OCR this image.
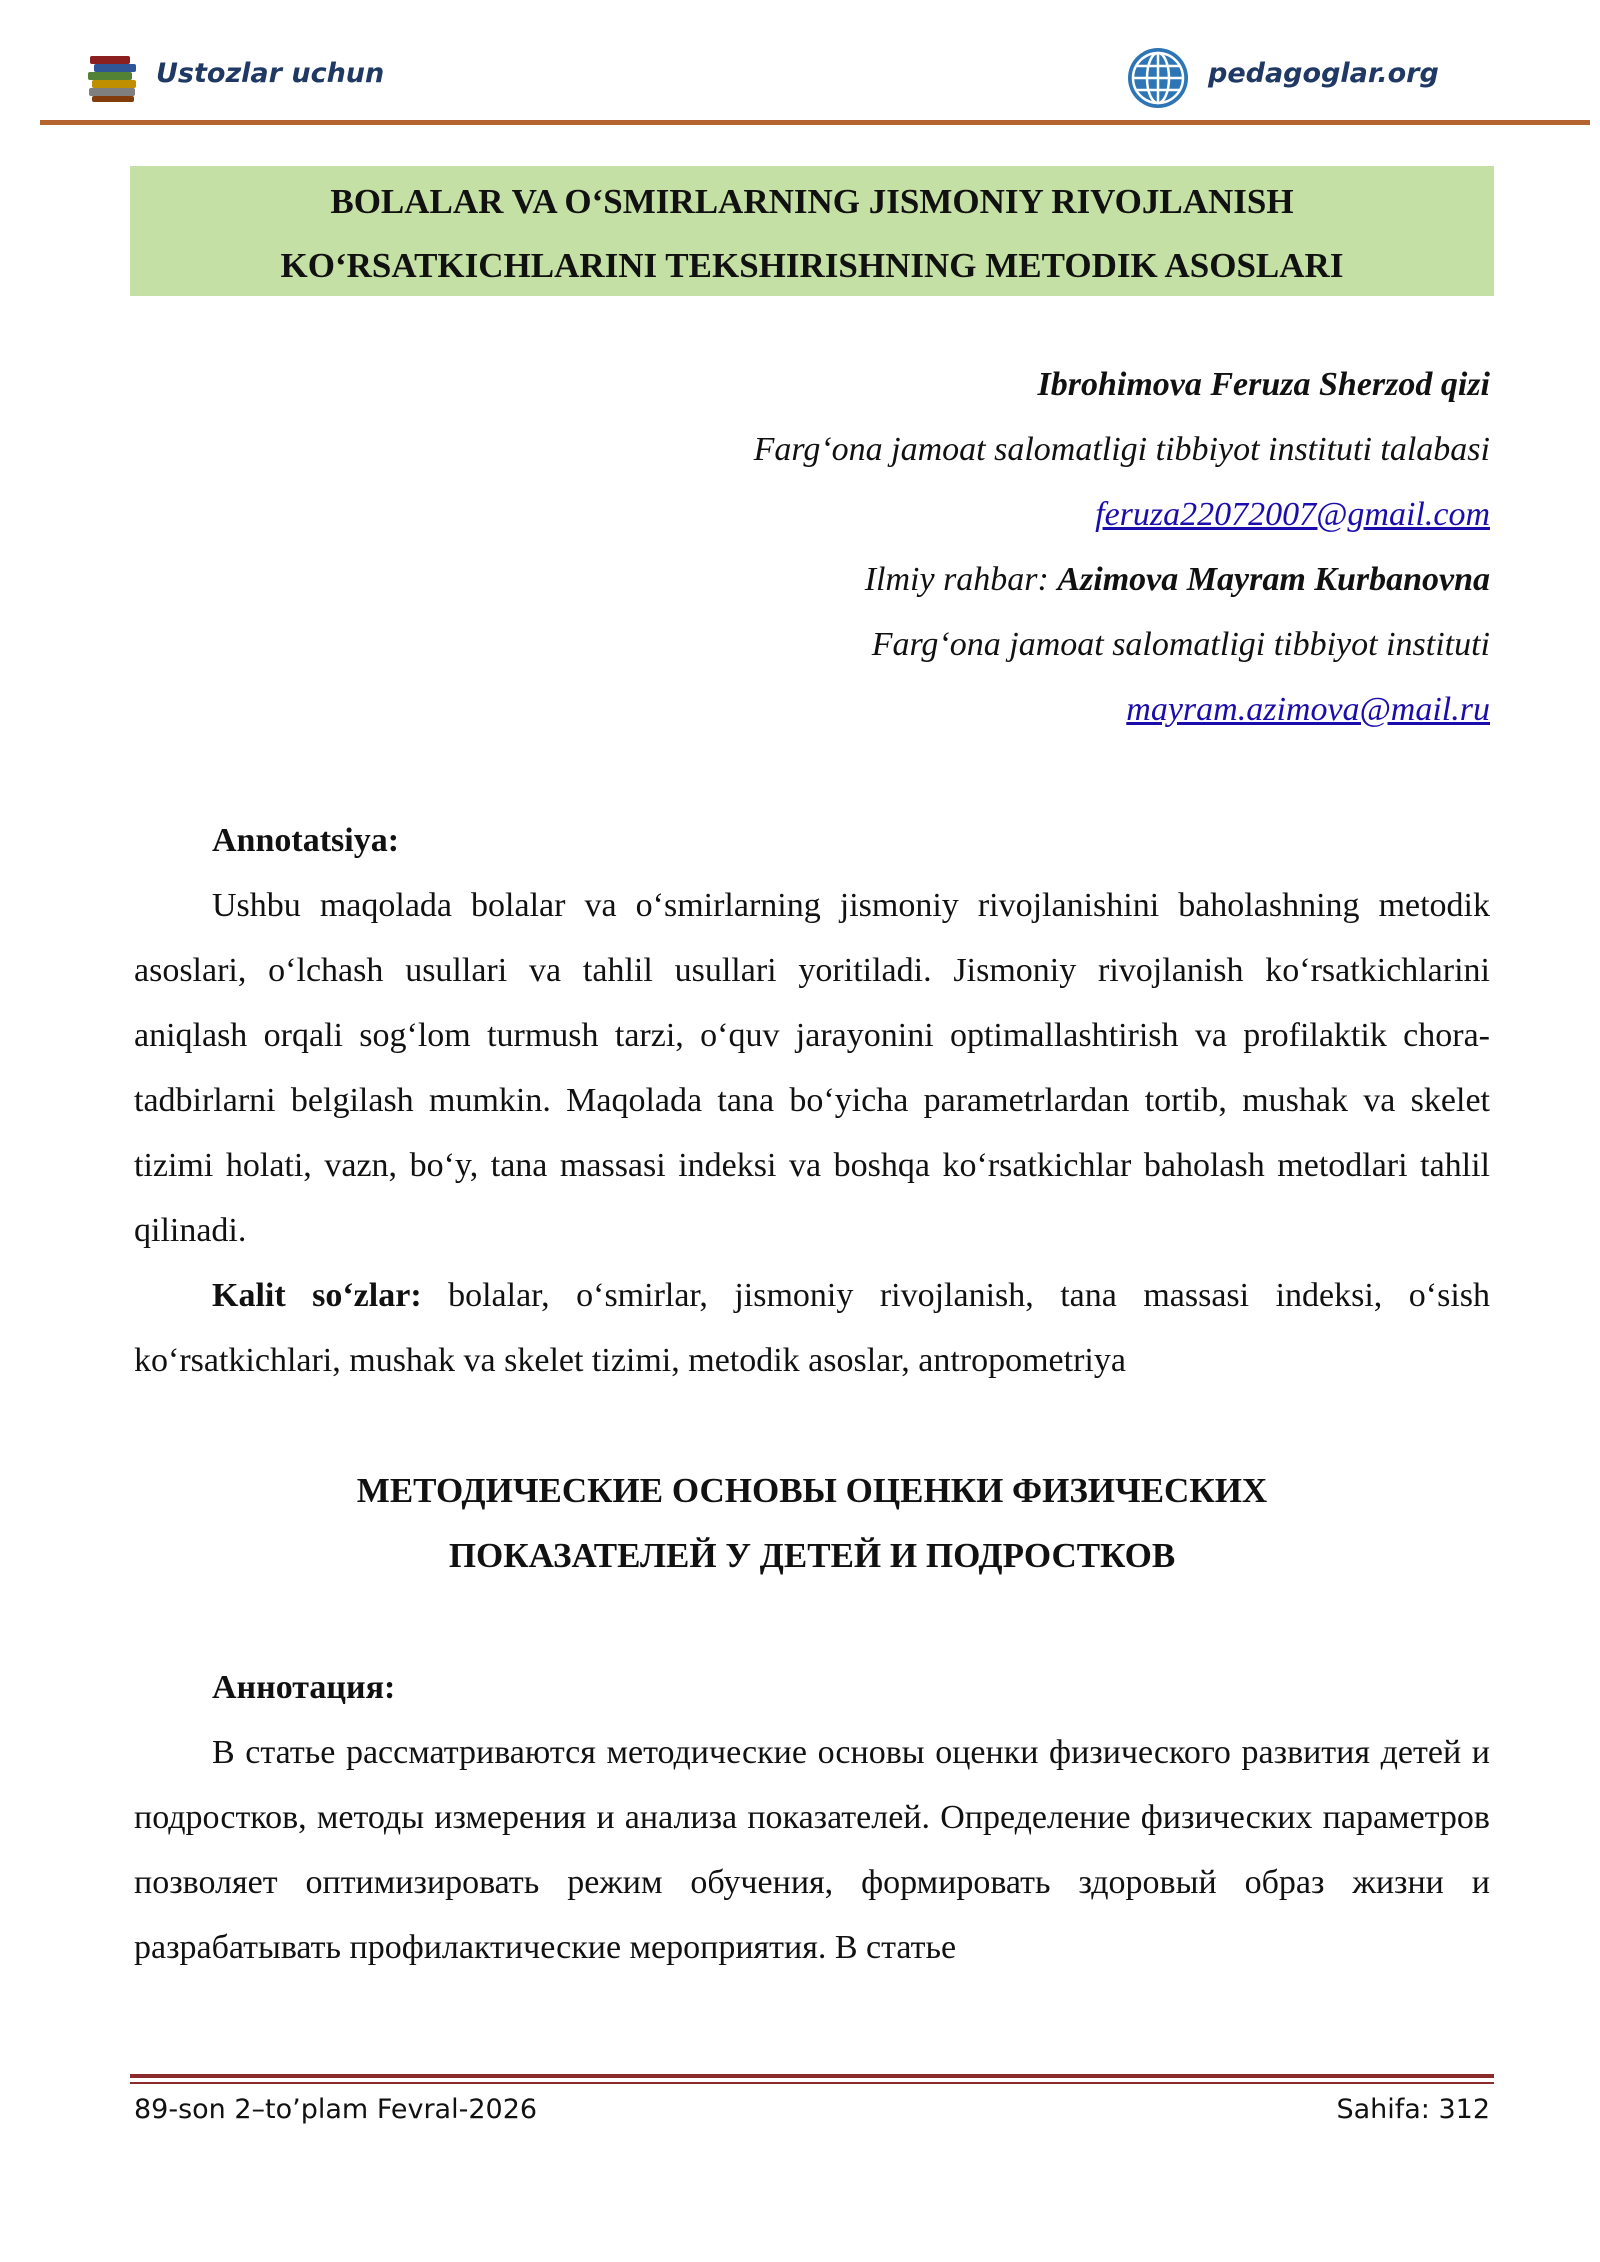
Ustozlar uchun	pedagoglar.org
BOLALAR VA O‘SMIRLARNING JISMONIY RIVOJLANISH
KO‘RSATKICHLARINI TEKSHIRISHNING METODIK ASOSLARI
Ibrohimova Feruza Sherzod qizi
Farg‘ona jamoat salomatligi tibbiyot instituti talabasi
feruza22072007@gmail.com
Ilmiy rahbar: Azimova Mayram Kurbanovna
Farg‘ona jamoat salomatligi tibbiyot instituti
mayram.azimova@mail.ru
Annotatsiya:
Ushbu maqolada bolalar va o‘smirlarning jismoniy rivojlanishini baholashning metodik asoslari, o‘lchash usullari va tahlil usullari yoritiladi. Jismoniy rivojlanish ko‘rsatkichlarini aniqlash orqali sog‘lom turmush tarzi, o‘quv jarayonini optimallashtirish va profilaktik chora-tadbirlarni belgilash mumkin. Maqolada tana bo‘yicha parametrlardan tortib, mushak va skelet tizimi holati, vazn, bo‘y, tana massasi indeksi va boshqa ko‘rsatkichlar baholash metodlari tahlil qilinadi.
Kalit so‘zlar: bolalar, o‘smirlar, jismoniy rivojlanish, tana massasi indeksi, o‘sish ko‘rsatkichlari, mushak va skelet tizimi, metodik asoslar, antropometriya
МЕТОДИЧЕСКИЕ ОСНОВЫ ОЦЕНКИ ФИЗИЧЕСКИХ
ПОКАЗАТЕЛЕЙ У ДЕТЕЙ И ПОДРОСТКОВ
Аннотация:
В статье рассматриваются методические основы оценки физического развития детей и подростков, методы измерения и анализа показателей. Определение физических параметров позволяет оптимизировать режим обучения, формировать здоровый образ жизни и разрабатывать профилактические мероприятия. В статье
89-son 2–to’plam Fevral-2026	Sahifa: 312
